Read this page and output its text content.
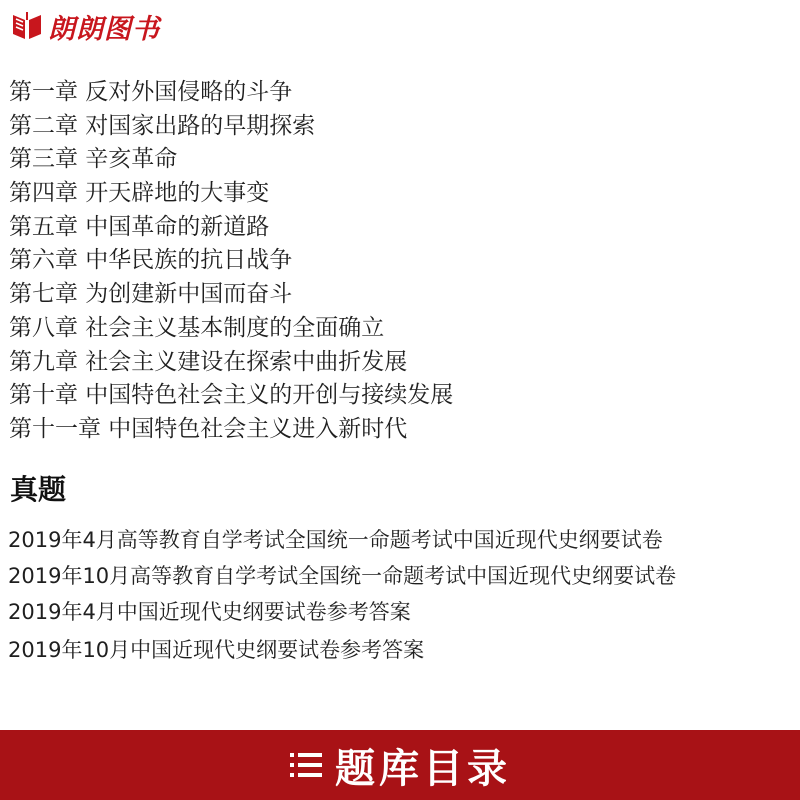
朗朗图书
第一章 反对外国侵略的斗争
第二章 对国家出路的早期探索
第三章 辛亥革命
第四章 开天辟地的大事变
第五章 中国革命的新道路
第六章 中华民族的抗日战争
第七章 为创建新中国而奋斗
第八章 社会主义基本制度的全面确立
第九章 社会主义建设在探索中曲折发展
第十章 中国特色社会主义的开创与接续发展
第十一章 中国特色社会主义进入新时代
真题
2019年4月高等教育自学考试全国统一命题考试中国近现代史纲要试卷
2019年10月高等教育自学考试全国统一命题考试中国近现代史纲要试卷
2019年4月中国近现代史纲要试卷参考答案
2019年10月中国近现代史纲要试卷参考答案
题库目录
